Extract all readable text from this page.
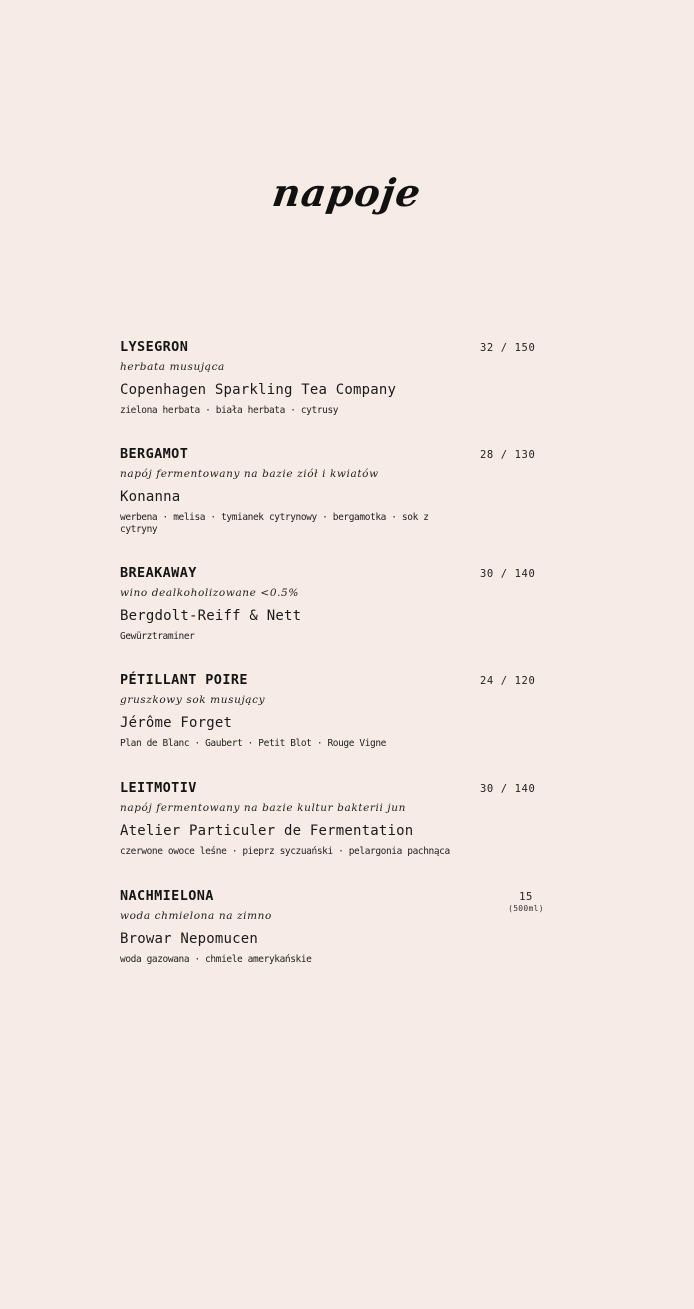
napoje
LYSEGRON	32 / 150
herbata musująca
Copenhagen Sparkling Tea Company
zielona herbata · biała herbata · cytrusy
BERGAMOT	28 / 130
napój fermentowany na bazie ziół i kwiatów
Konanna
werbena · melisa · tymianek cytrynowy · bergamotka · sok z cytryny
BREAKAWAY	30 / 140
wino dealkoholizowane <0.5%
Bergdolt-Reiff & Nett
Gewürztraminer
PÉTILLANT POIRE	24 / 120
gruszkowy sok musujący
Jérôme Forget
Plan de Blanc · Gaubert · Petit Blot · Rouge Vigne
LEITMOTIV	30 / 140
napój fermentowany na bazie kultur bakterii jun
Atelier Particuler de Fermentation
czerwone owoce leśne · pieprz syczuański · pelargonia pachnąca
NACHMIELONA	15
(500ml)
woda chmielona na zimno
Browar Nepomucen
woda gazowana · chmiele amerykańskie
